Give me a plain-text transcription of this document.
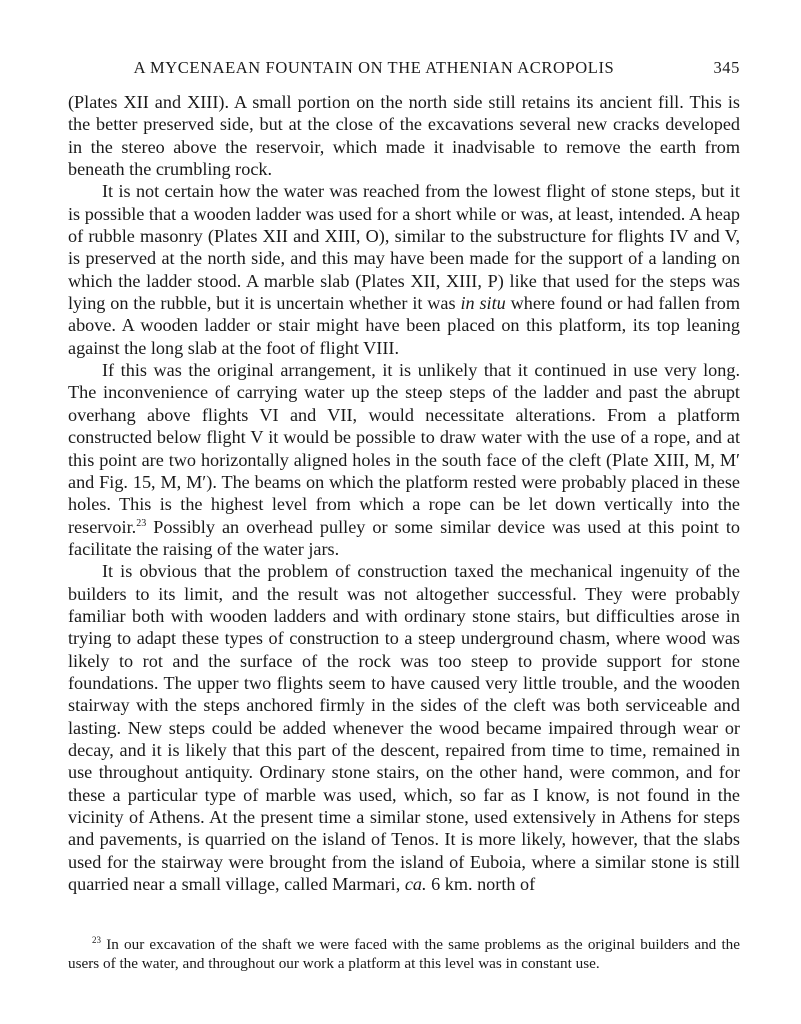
A MYCENAEAN FOUNTAIN ON THE ATHENIAN ACROPOLIS	345

(Plates XII and XIII). A small portion on the north side still retains its ancient fill. This is the better preserved side, but at the close of the excavations several new cracks developed in the stereo above the reservoir, which made it inadvisable to remove the earth from beneath the crumbling rock.

It is not certain how the water was reached from the lowest flight of stone steps, but it is possible that a wooden ladder was used for a short while or was, at least, intended. A heap of rubble masonry (Plates XII and XIII, O), similar to the substructure for flights IV and V, is preserved at the north side, and this may have been made for the support of a landing on which the ladder stood. A marble slab (Plates XII, XIII, P) like that used for the steps was lying on the rubble, but it is uncertain whether it was in situ where found or had fallen from above. A wooden ladder or stair might have been placed on this platform, its top leaning against the long slab at the foot of flight VIII.

If this was the original arrangement, it is unlikely that it continued in use very long. The inconvenience of carrying water up the steep steps of the ladder and past the abrupt overhang above flights VI and VII, would necessitate alterations. From a platform constructed below flight V it would be possible to draw water with the use of a rope, and at this point are two horizontally aligned holes in the south face of the cleft (Plate XIII, M, M′ and Fig. 15, M, M′). The beams on which the platform rested were probably placed in these holes. This is the highest level from which a rope can be let down vertically into the reservoir.$^{23}$ Possibly an overhead pulley or some similar device was used at this point to facilitate the raising of the water jars.

It is obvious that the problem of construction taxed the mechanical ingenuity of the builders to its limit, and the result was not altogether successful. They were probably familiar both with wooden ladders and with ordinary stone stairs, but difficulties arose in trying to adapt these types of construction to a steep underground chasm, where wood was likely to rot and the surface of the rock was too steep to provide support for stone foundations. The upper two flights seem to have caused very little trouble, and the wooden stairway with the steps anchored firmly in the sides of the cleft was both serviceable and lasting. New steps could be added whenever the wood became impaired through wear or decay, and it is likely that this part of the descent, repaired from time to time, remained in use throughout antiquity. Ordinary stone stairs, on the other hand, were common, and for these a particular type of marble was used, which, so far as I know, is not found in the vicinity of Athens. At the present time a similar stone, used extensively in Athens for steps and pavements, is quarried on the island of Tenos. It is more likely, however, that the slabs used for the stairway were brought from the island of Euboia, where a similar stone is still quarried near a small village, called Marmari, ca. 6 km. north of

$^{23}$ In our excavation of the shaft we were faced with the same problems as the original builders and the users of the water, and throughout our work a platform at this level was in constant use.
